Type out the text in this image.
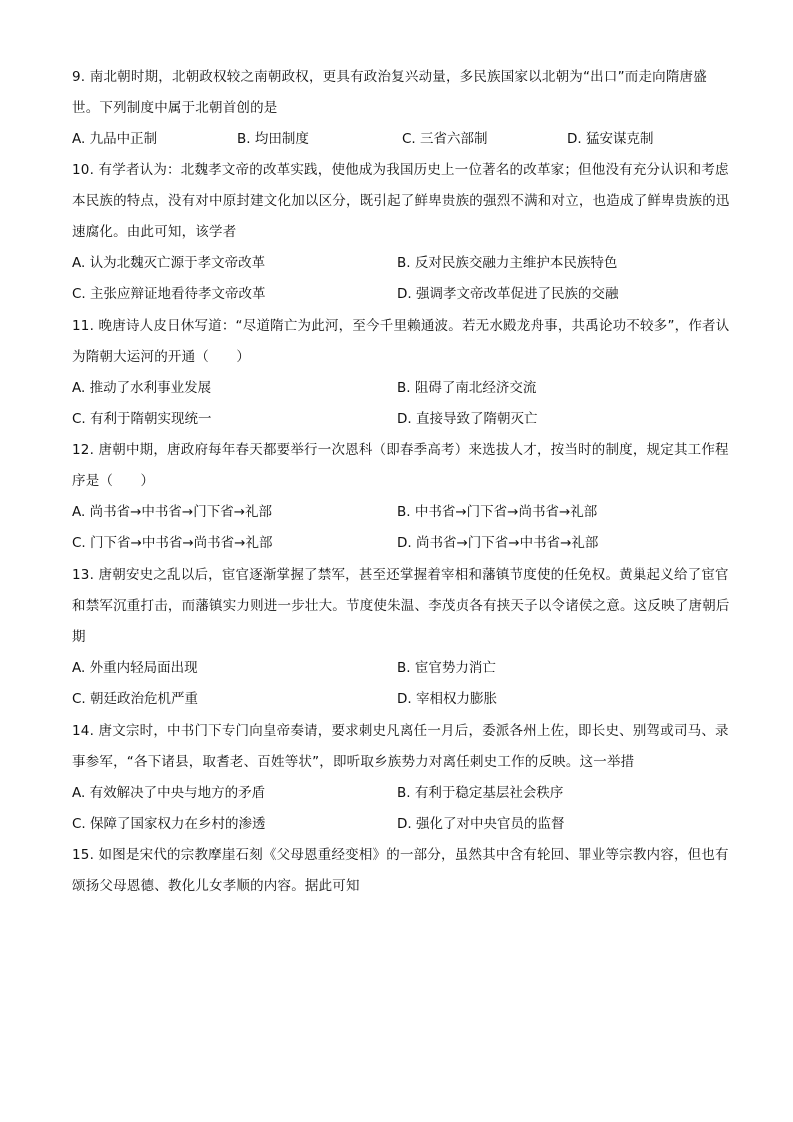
9. 南北朝时期，北朝政权较之南朝政权，更具有政治复兴动量，多民族国家以北朝为“出口”而走向隋唐盛世。下列制度中属于北朝首创的是

A. 九品中正制	B. 均田制度	C. 三省六部制	D. 猛安谋克制

10. 有学者认为：北魏孝文帝的改革实践，使他成为我国历史上一位著名的改革家；但他没有充分认识和考虑本民族的特点，没有对中原封建文化加以区分，既引起了鲜卑贵族的强烈不满和对立，也造成了鲜卑贵族的迅速腐化。由此可知，该学者

A. 认为北魏灭亡源于孝文帝改革	B. 反对民族交融力主维护本民族特色
C. 主张应辩证地看待孝文帝改革	D. 强调孝文帝改革促进了民族的交融

11. 晚唐诗人皮日休写道：“尽道隋亡为此河，至今千里赖通波。若无水殿龙舟事，共禹论功不较多”，作者认为隋朝大运河的开通（　　）

A. 推动了水利事业发展	B. 阻碍了南北经济交流
C. 有利于隋朝实现统一	D. 直接导致了隋朝灭亡

12. 唐朝中期，唐政府每年春天都要举行一次恩科（即春季高考）来选拔人才，按当时的制度，规定其工作程序是（　　）

A. 尚书省→中书省→门下省→礼部	B. 中书省→门下省→尚书省→礼部
C. 门下省→中书省→尚书省→礼部	D. 尚书省→门下省→中书省→礼部

13. 唐朝安史之乱以后，宦官逐渐掌握了禁军，甚至还掌握着宰相和藩镇节度使的任免权。黄巢起义给了宦官和禁军沉重打击，而藩镇实力则进一步壮大。节度使朱温、李茂贞各有挟天子以令诸侯之意。这反映了唐朝后期

A. 外重内轻局面出现	B. 宦官势力消亡
C. 朝廷政治危机严重	D. 宰相权力膨胀

14. 唐文宗时，中书门下专门向皇帝奏请，要求刺史凡离任一月后，委派各州上佐，即长史、别驾或司马、录事参军，“各下诸县，取耆老、百姓等状”，即听取乡族势力对离任刺史工作的反映。这一举措

A. 有效解决了中央与地方的矛盾	B. 有利于稳定基层社会秩序
C. 保障了国家权力在乡村的渗透	D. 强化了对中央官员的监督

15. 如图是宋代的宗教摩崖石刻《父母恩重经变相》的一部分，虽然其中含有轮回、罪业等宗教内容，但也有颂扬父母恩德、教化儿女孝顺的内容。据此可知
